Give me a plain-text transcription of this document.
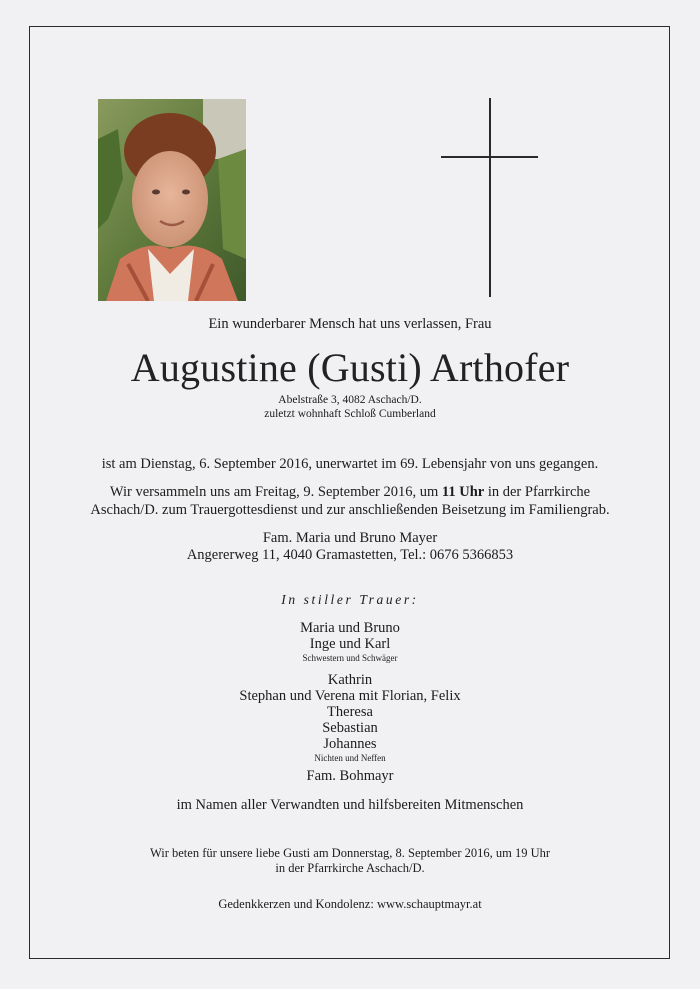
Ein wunderbarer Mensch hat uns verlassen, Frau
Augustine (Gusti) Arthofer
Abelstraße 3, 4082 Aschach/D.
zuletzt wohnhaft Schloß Cumberland
ist am Dienstag, 6. September 2016, unerwartet im 69. Lebensjahr von uns gegangen.
Wir versammeln uns am Freitag, 9. September 2016, um 11 Uhr in der Pfarrkirche
Aschach/D. zum Trauergottesdienst und zur anschließenden Beisetzung im Familiengrab.
Fam. Maria und Bruno Mayer
Angererweg 11, 4040 Gramastetten, Tel.: 0676 5366853
In stiller Trauer:
Maria und Bruno
Inge und Karl
Schwestern und Schwäger
Kathrin
Stephan und Verena mit Florian, Felix
Theresa
Sebastian
Johannes
Nichten und Neffen
Fam. Bohmayr
im Namen aller Verwandten und hilfsbereiten Mitmenschen
Wir beten für unsere liebe Gusti am Donnerstag, 8. September 2016, um 19 Uhr
in der Pfarrkirche Aschach/D.
Gedenkkerzen und Kondolenz: www.schauptmayr.at
